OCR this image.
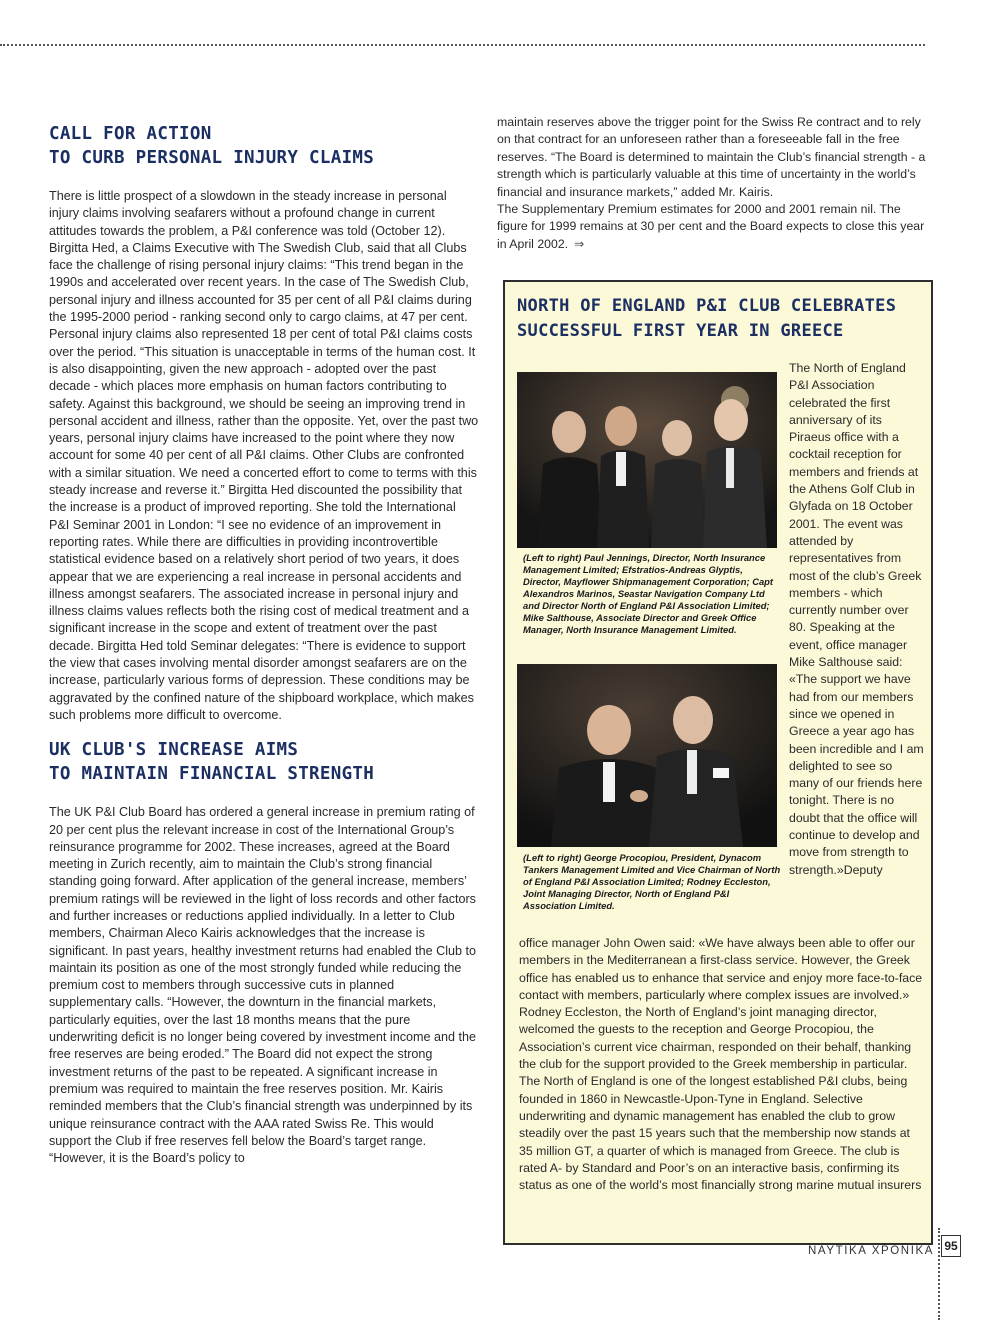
CALL FOR ACTION
TO CURB PERSONAL INJURY CLAIMS

There is little prospect of a slowdown in the steady increase in personal injury claims involving seafarers without a profound change in current attitudes towards the problem, a P&I conference was told (October 12). Birgitta Hed, a Claims Executive with The Swedish Club, said that all Clubs face the challenge of rising personal injury claims: “This trend began in the 1990s and accelerated over recent years. In the case of The Swedish Club, personal injury and illness accounted for 35 per cent of all P&I claims during the 1995-2000 period - ranking second only to cargo claims, at 47 per cent. Personal injury claims also represented 18 per cent of total P&I claims costs over the period. “This situation is unacceptable in terms of the human cost. It is also disappointing, given the new approach - adopted over the past decade - which places more emphasis on human factors contributing to safety. Against this background, we should be seeing an improving trend in personal accident and illness, rather than the opposite. Yet, over the past two years, personal injury claims have increased to the point where they now account for some 40 per cent of all P&I claims. Other Clubs are confronted with a similar situation. We need a concerted effort to come to terms with this steady increase and reverse it.” Birgitta Hed discounted the possibility that the increase is a product of improved reporting. She told the International P&I Seminar 2001 in London: “I see no evidence of an improvement in reporting rates. While there are difficulties in providing incontrovertible statistical evidence based on a relatively short period of two years, it does appear that we are experiencing a real increase in personal accidents and illness amongst seafarers. The associated increase in personal injury and illness claims values reflects both the rising cost of medical treatment and a significant increase in the scope and extent of treatment over the past decade. Birgitta Hed told Seminar delegates: “There is evidence to support the view that cases involving mental disorder amongst seafarers are on the increase, particularly various forms of depression. These conditions may be aggravated by the confined nature of the shipboard workplace, which makes such problems more difficult to overcome.

UK CLUB'S INCREASE AIMS
TO MAINTAIN FINANCIAL STRENGTH

The UK P&I Club Board has ordered a general increase in premium rating of 20 per cent plus the relevant increase in cost of the International Group’s reinsurance programme for 2002. These increases, agreed at the Board meeting in Zurich recently, aim to maintain the Club’s strong financial standing going forward. After application of the general increase, members’ premium ratings will be reviewed in the light of loss records and other factors and further increases or reductions applied individually. In a letter to Club members, Chairman Aleco Kairis acknowledges that the increase is significant. In past years, healthy investment returns had enabled the Club to maintain its position as one of the most strongly funded while reducing the premium cost to members through successive cuts in planned supplementary calls. “However, the downturn in the financial markets, particularly equities, over the last 18 months means that the pure underwriting deficit is no longer being covered by investment income and the free reserves are being eroded.” The Board did not expect the strong investment returns of the past to be repeated. A significant increase in premium was required to maintain the free reserves position. Mr. Kairis reminded members that the Club’s financial strength was underpinned by its unique reinsurance contract with the AAA rated Swiss Re. This would support the Club if free reserves fell below the Board’s target range. “However, it is the Board’s policy to

maintain reserves above the trigger point for the Swiss Re contract and to rely on that contract for an unforeseen rather than a foreseeable fall in the free reserves. “The Board is determined to maintain the Club’s financial strength - a strength which is particularly valuable at this time of uncertainty in the world’s financial and insurance markets,” added Mr. Kairis.

The Supplementary Premium estimates for 2000 and 2001 remain nil. The figure for 1999 remains at 30 per cent and the Board expects to close this year in April 2002. ⇒

NORTH OF ENGLAND P&I CLUB CELEBRATES
SUCCESSFUL FIRST YEAR IN GREECE
(Left to right) Paul Jennings, Director, North Insurance Management Limited; Efstratios-Andreas Glyptis, Director, Mayflower Shipmanagement Corporation; Capt Alexandros Marinos, Seastar Navigation Company Ltd and Director North of England P&I Association Limited; Mike Salthouse, Associate Director and Greek Office Manager, North Insurance Management Limited.
(Left to right) George Procopiou, President, Dynacom Tankers Management Limited and Vice Chairman of North of England P&I Association Limited; Rodney Eccleston, Joint Managing Director, North of England P&I Association Limited.

The North of England P&I Association celebrated the first anniversary of its Piraeus office with a cocktail reception for members and friends at the Athens Golf Club in Glyfada on 18 October 2001. The event was attended by representatives from most of the club’s Greek members - which currently number over 80. Speaking at the event, office manager Mike Salthouse said: «The support we have had from our members since we opened in Greece a year ago has been incredible and I am delighted to see so many of our friends here tonight. There is no doubt that the office will continue to develop and move from strength to strength.»Deputy

office manager John Owen said: «We have always been able to offer our members in the Mediterranean a first-class service. However, the Greek office has enabled us to enhance that service and enjoy more face-to-face contact with members, particularly where complex issues are involved.» Rodney Eccleston, the North of England’s joint managing director, welcomed the guests to the reception and George Procopiou, the Association’s current vice chairman, responded on their behalf, thanking the club for the support provided to the Greek membership in particular. The North of England is one of the longest established P&I clubs, being founded in 1860 in Newcastle-Upon-Tyne in England. Selective underwriting and dynamic management has enabled the club to grow steadily over the past 15 years such that the membership now stands at 35 million GT, a quarter of which is managed from Greece. The club is rated A- by Standard and Poor’s on an interactive basis, confirming its status as one of the world’s most financially strong marine mutual insurers

ΝΑΥΤΙΚΑ ΧΡΟΝΙΚΑ 95
